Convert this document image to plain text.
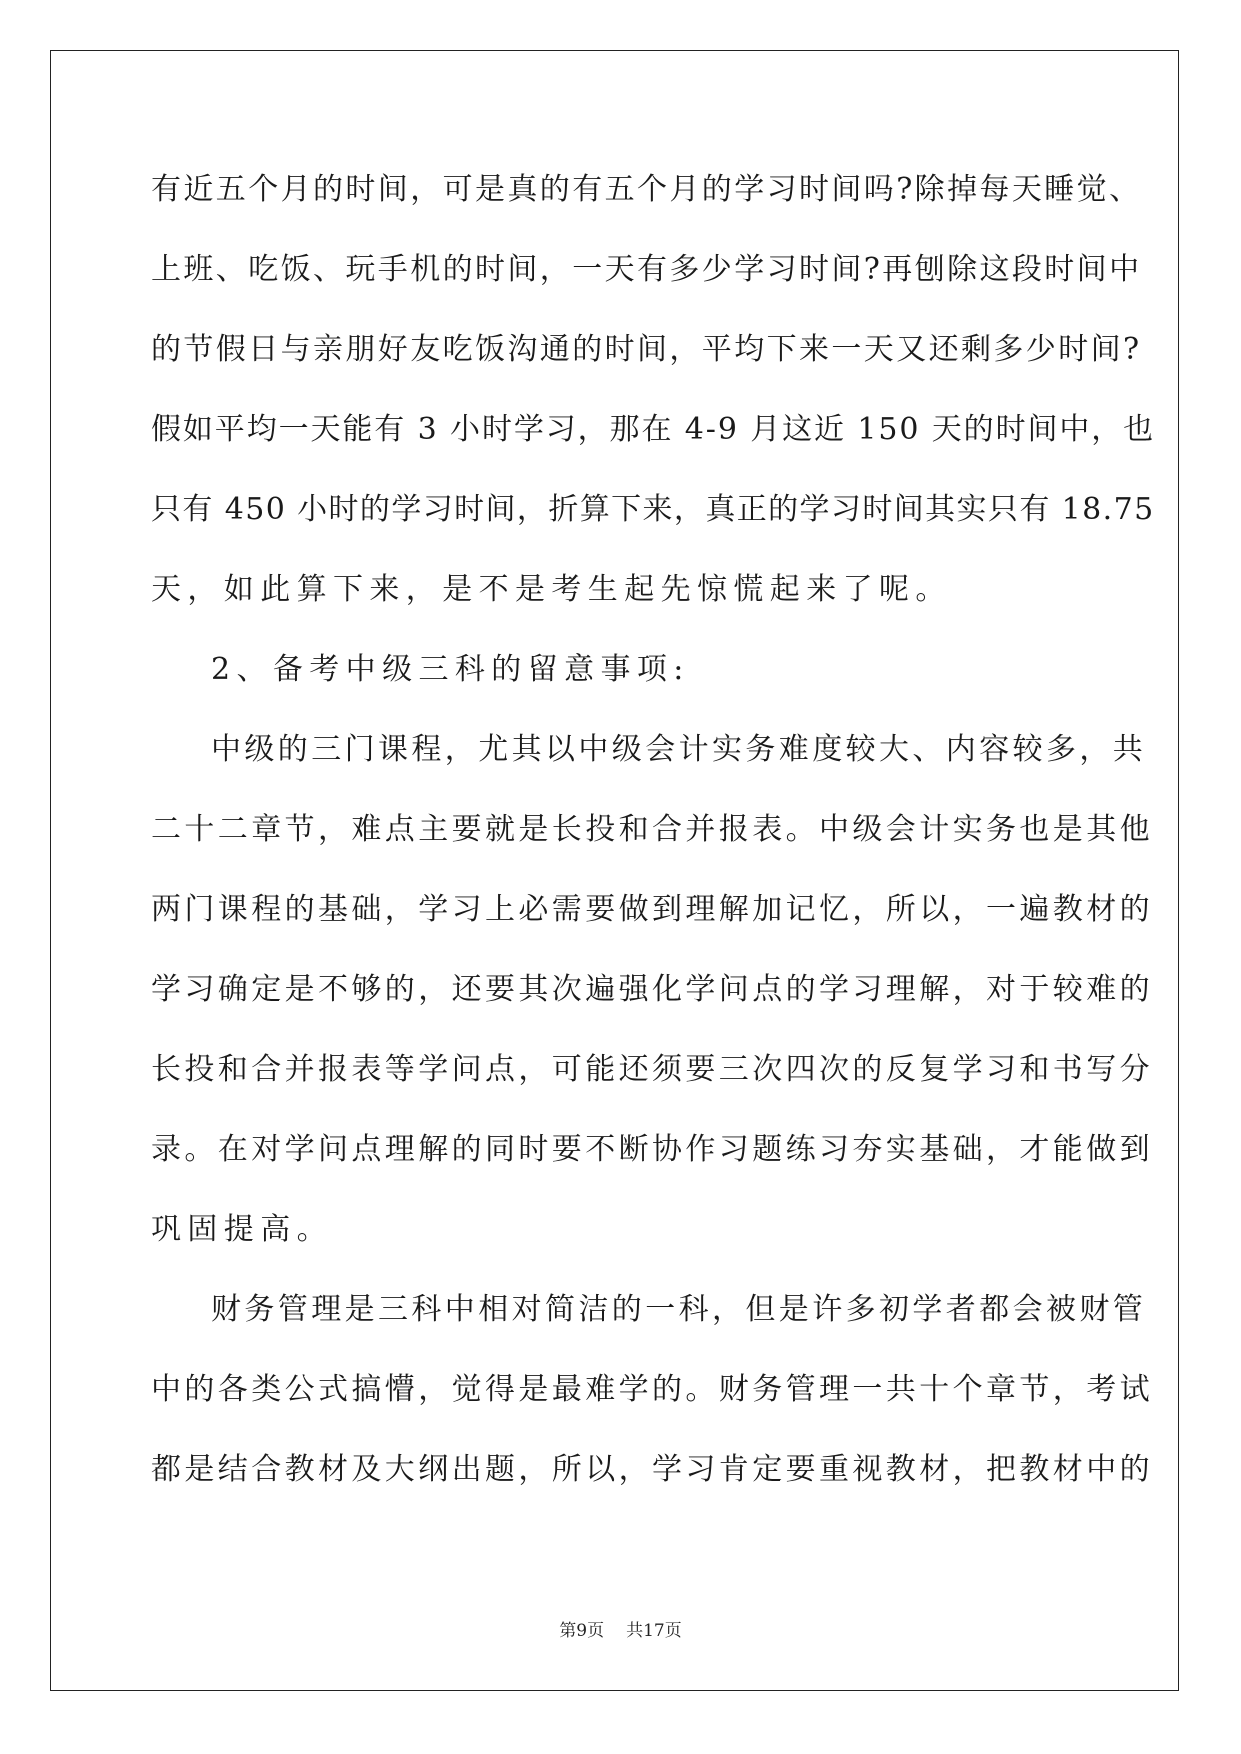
有近五个月的时间，可是真的有五个月的学习时间吗?除掉每天睡觉、
上班、吃饭、玩手机的时间，一天有多少学习时间?再刨除这段时间中
的节假日与亲朋好友吃饭沟通的时间，平均下来一天又还剩多少时间?
假如平均一天能有 3 小时学习，那在 4-9 月这近 150 天的时间中，也
只有 450 小时的学习时间，折算下来，真正的学习时间其实只有 18.75
天，如此算下来，是不是考生起先惊慌起来了呢。
2、备考中级三科的留意事项:
中级的三门课程，尤其以中级会计实务难度较大、内容较多，共
二十二章节，难点主要就是长投和合并报表。中级会计实务也是其他
两门课程的基础，学习上必需要做到理解加记忆，所以，一遍教材的
学习确定是不够的，还要其次遍强化学问点的学习理解，对于较难的
长投和合并报表等学问点，可能还须要三次四次的反复学习和书写分
录。在对学问点理解的同时要不断协作习题练习夯实基础，才能做到
巩固提高。
财务管理是三科中相对简洁的一科，但是许多初学者都会被财管
中的各类公式搞懵，觉得是最难学的。财务管理一共十个章节，考试
都是结合教材及大纲出题，所以，学习肯定要重视教材，把教材中的
第9页 共17页
